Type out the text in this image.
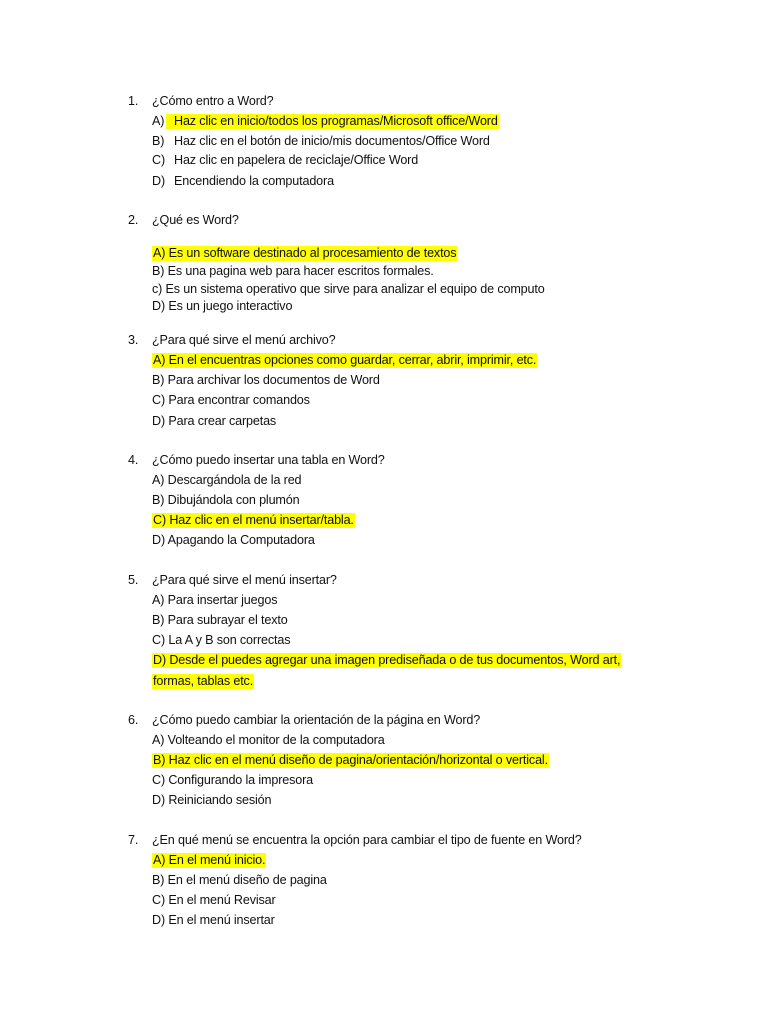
1. ¿Cómo entro a Word?
A) Haz clic en inicio/todos los programas/Microsoft office/Word
B) Haz clic en el botón de inicio/mis documentos/Office Word
C) Haz clic en papelera de reciclaje/Office Word
D) Encendiendo la computadora
2. ¿Qué es Word?
A) Es un software destinado al procesamiento de textos
B) Es una pagina web para hacer escritos formales.
c) Es un sistema operativo que sirve para analizar el equipo de computo
D) Es un juego interactivo
3. ¿Para qué sirve el menú archivo?
A) En el encuentras opciones como guardar, cerrar, abrir, imprimir, etc.
B) Para archivar los documentos de Word
C) Para encontrar comandos
D) Para crear carpetas
4. ¿Cómo puedo insertar una tabla en Word?
A) Descargándola de la red
B) Dibujándola con plumón
C) Haz clic en el menú insertar/tabla.
D) Apagando la Computadora
5. ¿Para qué sirve el menú insertar?
A) Para insertar juegos
B) Para subrayar el texto
C) La A y B son correctas
D) Desde el puedes agregar una imagen prediseñada o de tus documentos, Word art,
formas, tablas etc.
6. ¿Cómo puedo cambiar la orientación de la página en Word?
A) Volteando el monitor de la computadora
B) Haz clic en el menú diseño de pagina/orientación/horizontal o vertical.
C) Configurando la impresora
D) Reiniciando sesión
7. ¿En qué menú se encuentra la opción para cambiar el tipo de fuente en Word?
A) En el menú inicio.
B) En el menú diseño de pagina
C) En el menú Revisar
D) En el menú insertar
